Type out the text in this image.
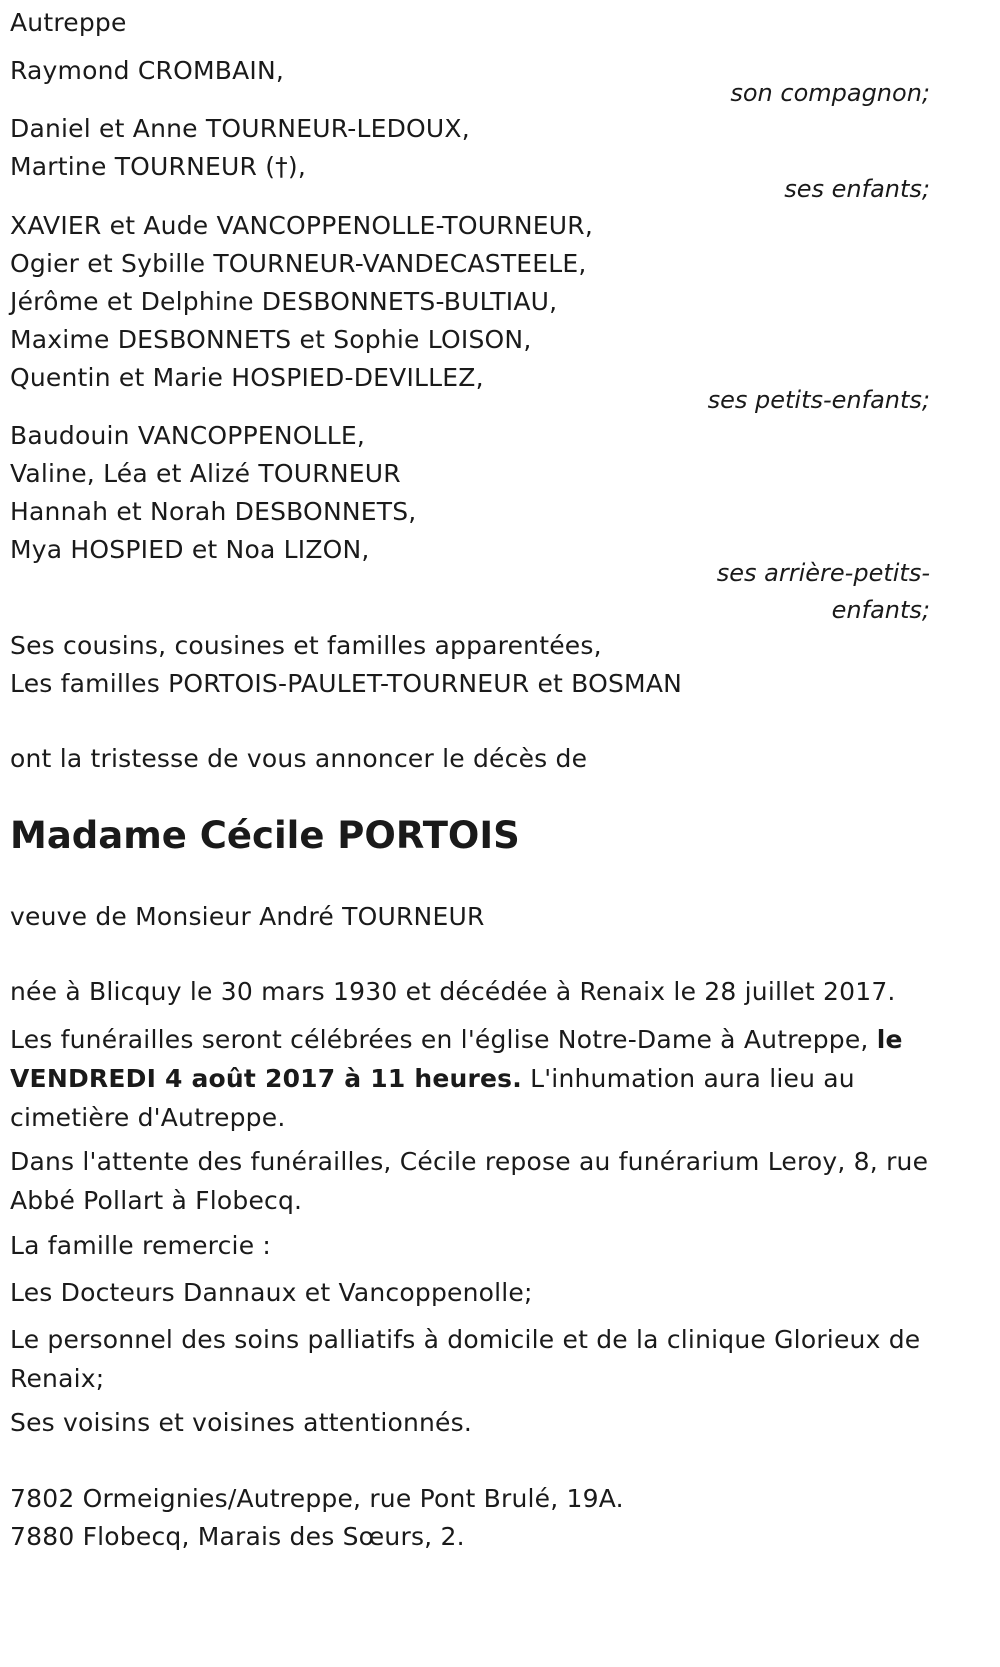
Autreppe
Raymond CROMBAIN,
son compagnon;
Daniel et Anne TOURNEUR-LEDOUX,
Martine TOURNEUR (†),
ses enfants;
XAVIER et Aude VANCOPPENOLLE-TOURNEUR,
Ogier et Sybille TOURNEUR-VANDECASTEELE,
Jérôme et Delphine DESBONNETS-BULTIAU,
Maxime DESBONNETS et Sophie LOISON,
Quentin et Marie HOSPIED-DEVILLEZ,
ses petits-enfants;
Baudouin VANCOPPENOLLE,
Valine, Léa et Alizé TOURNEUR
Hannah et Norah DESBONNETS,
Mya HOSPIED et Noa LIZON,
ses arrière-petits-
enfants;
Ses cousins, cousines et familles apparentées,
Les familles PORTOIS-PAULET-TOURNEUR et BOSMAN
ont la tristesse de vous annoncer le décès de
Madame Cécile PORTOIS
veuve de Monsieur André TOURNEUR
née à Blicquy le 30 mars 1930 et décédée à Renaix le 28 juillet 2017.
Les funérailles seront célébrées en l'église Notre-Dame à Autreppe, le VENDREDI 4 août 2017 à 11 heures. L'inhumation aura lieu au cimetière d'Autreppe.
Dans l'attente des funérailles, Cécile repose au funérarium Leroy, 8, rue Abbé Pollart à Flobecq.
La famille remercie :
Les Docteurs Dannaux et Vancoppenolle;
Le personnel des soins palliatifs à domicile et de la clinique Glorieux de Renaix;
Ses voisins et voisines attentionnés.
7802 Ormeignies/Autreppe, rue Pont Brulé, 19A.
7880 Flobecq, Marais des Sœurs, 2.
